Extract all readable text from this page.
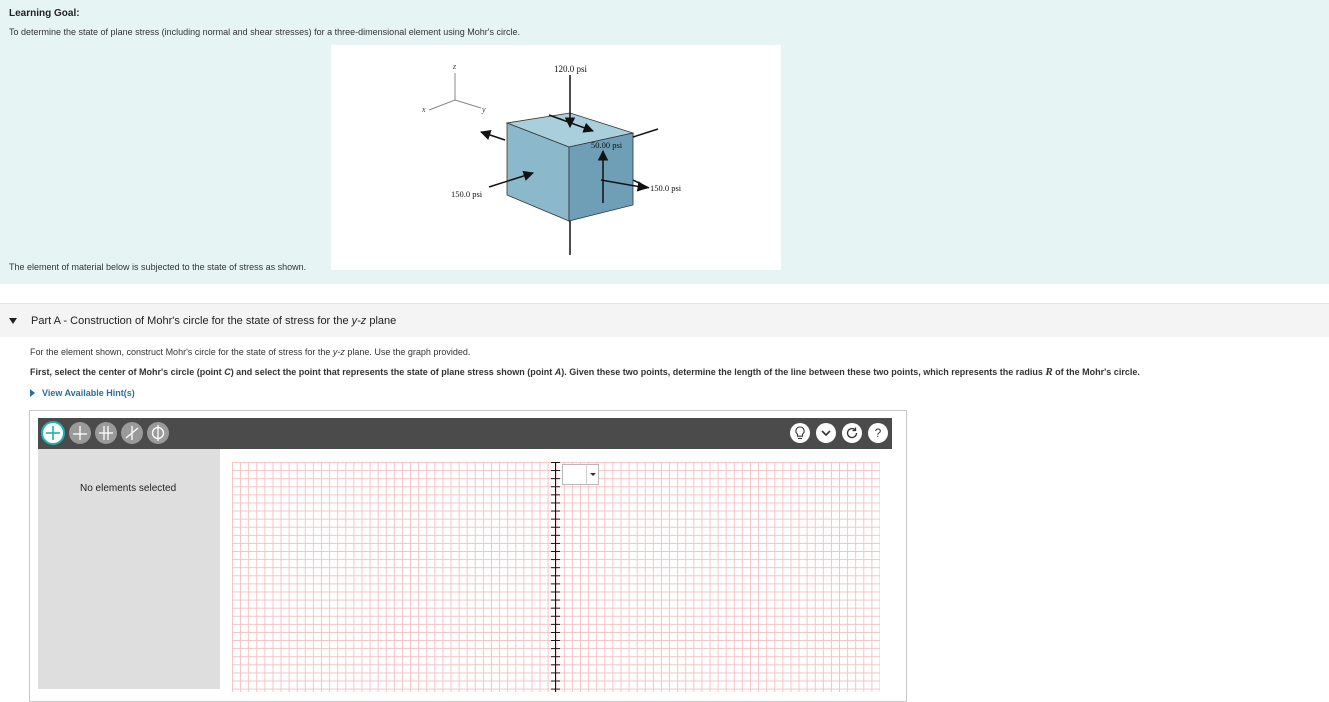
Learning Goal:
To determine the state of plane stress (including normal and shear stresses) for a three-dimensional element using Mohr's circle.
The element of material below is subjected to the state of stress as shown.
z
x	y
120.0 psi
50.00 psi
150.0 psi
150.0 psi
Part A - Construction of Mohr's circle for the state of stress for the y-z plane
For the element shown, construct Mohr's circle for the state of stress for the y-z plane. Use the graph provided.
First, select the center of Mohr's circle (point C) and select the point that represents the state of plane stress shown (point A). Given these two points, determine the length of the line between these two points, which represents the radius R of the Mohr's circle.
View Available Hint(s)
?
No elements selected
